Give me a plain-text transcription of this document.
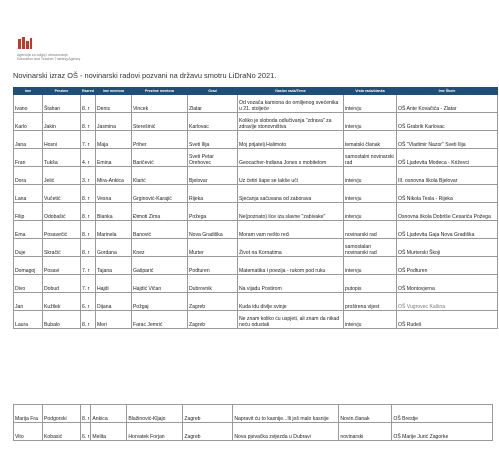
Agencija za odgoj i obrazovanje
Education and Teacher Training Agency
Novinarski izraz OŠ - novinarski radovi pozvani na državu smotru LiDraNo 2021.
Ime	Prezime	Razred	Ime mentora	Prezime mentora	Grad	Naslov rada/Teme	Vrsta rada/ćlanka	Ime Škole
Ivano	Štahan	8. r	Denis	Vincek	Zlatar	Od vozača kamiona do omiljenog svećenika u 21. stoljeće	intervju	OŠ Ante Kovačića - Zlatar
Karlo	Jakin	8. r	Jasmina	Sterešinić	Karlovac	Koliko je sloboda odlučivanja "zdrava" za zdravlje stonovništva	intervju	OŠ Grabrik Karlovac
Jana	Hosni	7. r	Maja	Priher	Sveti Ilija	Moj prijatelj Halimoto	tematski članak	OŠ "Vladimir Nazor" Sveti Ilija
Fran	Tukša	4. r	Emina	Baričević	Sveti Petar Orehovec	Geocacher-Indiana Jones s mobitelom	samostalni novinarski rad	OŠ Ljudevita Modeca - Križevci
Dora	Jelić	3. r	Mira-Ankica	Klarić	Bjelovar	Uz četiri šape se lakše uči	intervju	III. osnovna škola Bjelovar
Lana	Vučetić	8. r	Vesna	Grginović-Karajić	Rijeka	Sjećanja sačuvana od zaborava	intervju	OŠ Nikola Tesla - Rijeka
Filip	Odobašić	8. r	Blanka	Đimoti Zima	Požega	Ne(poznato) lice iza slavne "zabivake"	intervju	Osnovna škola Dobriše Cesarića Požega
Ema	Posavečić	8. r	Marinela	Banović	Nova Gradiška	Moram vam nešto reći	novinarski rad	OŠ Ljudevita Gaja Nova Gradiška
Duje	Skračić	8. r	Gordana	Knez	Murter	Život na Kornatima	samostalan novinarski rad	OŠ Murterski Škoji
Domagoj	Posavi	7. r	Tajana	Gašparić	Podturen	Matematika i poezija - rukom pod ruku	intervju	OŠ Podturen
Divo	Dobud	7. r	Hajdi	Hajdić Vičan	Dubrovnik	Na vijadu Postirom	putopis	OŠ Montovjerna
Jan	Kužilek	6. r	Dijana	Požgaj	Zagreb	Kuda idu divlje svinje	proširena vijest	OŠ Vugrovec Kašina
Laura	Bubalo	8. r	Meri	Farac Jemrić	Zagreb	Ne znam koliko ću uspjeti, ali znam da nikad neću odustati	intervju	OŠ Rudeš
Marija Fra	Podgorski	8. r	Ankica	Blažinović-Kljajo	Zagreb	Napravit ću to kasnije...Ili još malo kasnije	Novin.članak	OŠ Brestje
Vito	Kobasić	6. r	Melita	Horvatek Forjan	Zagreb	Nova pjevačka zvijezda u Dubravi	novinarski	OŠ Marije Jurić Zagorke
